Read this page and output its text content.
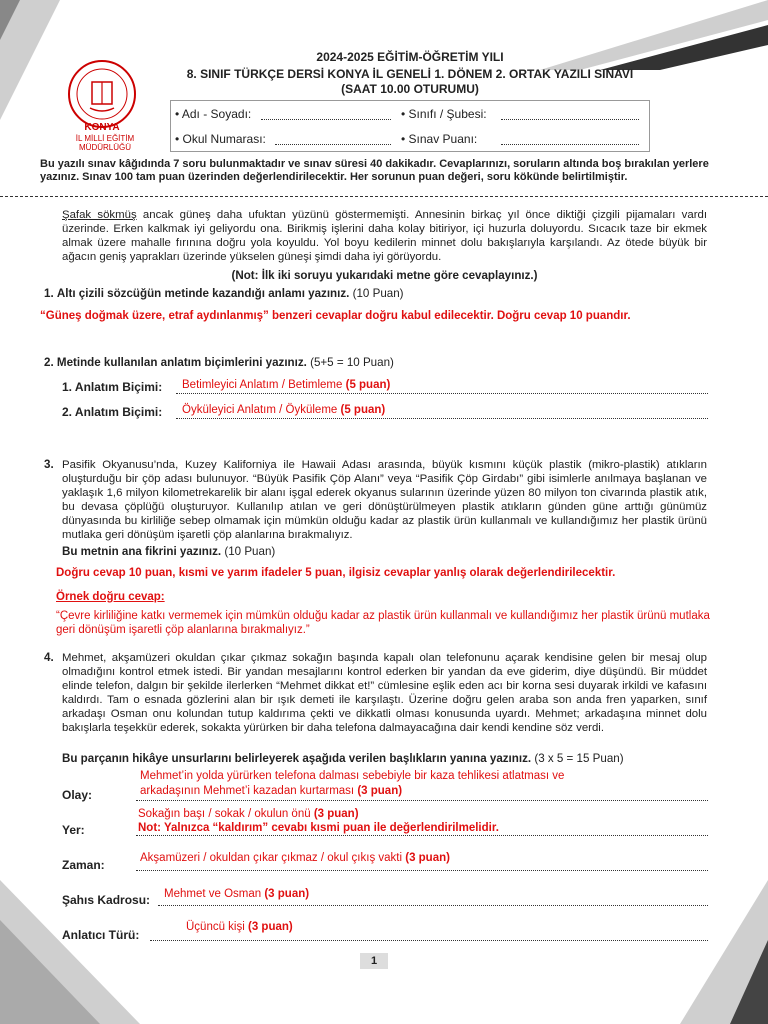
KONYA
İL MİLLİ EĞİTİM MÜDÜRLÜĞÜ
2024-2025 EĞİTİM-ÖĞRETİM YILI
8. SINIF TÜRKÇE DERSİ KONYA İL GENELİ 1. DÖNEM 2. ORTAK YAZILI SINAVI
(SAAT 10.00 OTURUMU)
• Adı - Soyadı:	• Sınıfı / Şubesi:
• Okul Numarası:	• Sınav Puanı:
Bu yazılı sınav kâğıdında 7 soru bulunmaktadır ve sınav süresi 40 dakikadır. Cevaplarınızı, soruların altında boş bırakılan yerlere yazınız. Sınav 100 tam puan üzerinden değerlendirilecektir. Her sorunun puan değeri, soru kökünde belirtilmiştir.
Şafak sökmüş ancak güneş daha ufuktan yüzünü göstermemişti. Annesinin birkaç yıl önce diktiği çizgili pijamaları vardı üzerinde. Erken kalkmak iyi geliyordu ona. Birikmiş işlerini daha kolay bitiriyor, içi huzurla doluyordu. Sıcacık taze bir ekmek almak üzere mahalle fırınına doğru yola koyuldu. Yol boyu kedilerin minnet dolu bakışlarıyla karşılandı. Az ötede büyük bir ağacın geniş yaprakları üzerinde yükselen güneşi şimdi daha iyi görüyordu.
(Not: İlk iki soruyu yukarıdaki metne göre cevaplayınız.)
1. Altı çizili sözcüğün metinde kazandığı anlamı yazınız. (10 Puan)
“Güneş doğmak üzere, etraf aydınlanmış” benzeri cevaplar doğru kabul edilecektir. Doğru cevap 10 puandır.
2. Metinde kullanılan anlatım biçimlerini yazınız. (5+5 = 10 Puan)
1. Anlatım Biçimi: Betimleyici Anlatım / Betimleme (5 puan)
2. Anlatım Biçimi: Öyküleyici Anlatım / Öyküleme (5 puan)
3. Pasifik Okyanusu’nda, Kuzey Kaliforniya ile Hawaii Adası arasında, büyük kısmını küçük plastik (mikro-plastik) atıkların oluşturduğu bir çöp adası bulunuyor. “Büyük Pasifik Çöp Alanı” veya “Pasifik Çöp Girdabı” gibi isimlerle anılmaya başlanan ve yaklaşık 1,6 milyon kilometrekarelik bir alanı işgal ederek okyanus sularının üzerinde yüzen 80 milyon ton civarında plastik atık, bu devasa çöplüğü oluşturuyor. Kullanılıp atılan ve geri dönüştürülmeyen plastik atıkların günden güne arttığı günümüz dünyasında bu kirliliğe sebep olmamak için mümkün olduğu kadar az plastik ürün kullanmalı ve kullandığımız her plastik ürünü mutlaka geri dönüşüm işaretli çöp alanlarına bırakmalıyız.
Bu metnin ana fikrini yazınız. (10 Puan)
Doğru cevap 10 puan, kısmi ve yarım ifadeler 5 puan, ilgisiz cevaplar yanlış olarak değerlendirilecektir.
Örnek doğru cevap:
“Çevre kirliliğine katkı vermemek için mümkün olduğu kadar az plastik ürün kullanmalı ve kullandığımız her plastik ürünü mutlaka geri dönüşüm işaretli çöp alanlarına bırakmalıyız.”
4. Mehmet, akşamüzeri okuldan çıkar çıkmaz sokağın başında kapalı olan telefonunu açarak kendisine gelen bir mesaj olup olmadığını kontrol etmek istedi. Bir yandan mesajlarını kontrol ederken bir yandan da eve giderim, diye düşündü. Bir müddet elinde telefon, dalgın bir şekilde ilerlerken “Mehmet dikkat et!” cümlesine eşlik eden acı bir korna sesi duyarak irkildi ve kafasını kaldırdı. Tam o esnada gözlerini alan bir ışık demeti ile karşılaştı. Üzerine doğru gelen araba son anda fren yaparken, sınıf arkadaşı Osman onu kolundan tutup kaldırıma çekti ve dikkatli olması konusunda uyardı. Mehmet; arkadaşına minnet dolu bakışlarla teşekkür ederek, sokakta yürürken bir daha telefona dalmayacağına dair kendi kendine söz verdi.
Bu parçanın hikâye unsurlarını belirleyerek aşağıda verilen başlıkların yanına yazınız. (3 x 5 = 15 Puan)
Mehmet’in yolda yürürken telefona dalması sebebiyle bir kaza tehlikesi atlatması ve
arkadaşının Mehmet’i kazadan kurtarması (3 puan)
Olay:
Sokağın başı / sokak / okulun önü (3 puan)
Not: Yalnızca “kaldırım” cevabı kısmi puan ile değerlendirilmelidir.
Yer:
Akşamüzeri / okuldan çıkar çıkmaz / okul çıkış vakti (3 puan)
Zaman:
Mehmet ve Osman (3 puan)
Şahıs Kadrosu:
Üçüncü kişi (3 puan)
Anlatıcı Türü:
1
